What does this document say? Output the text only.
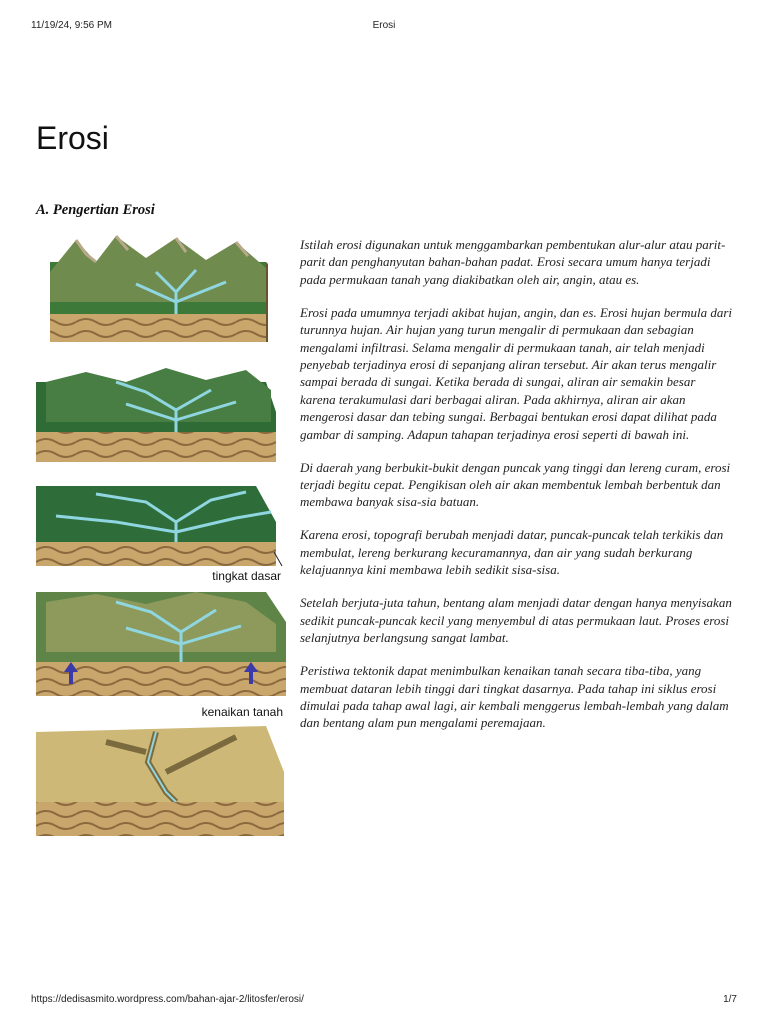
11/19/24, 9:56 PM	Erosi
Erosi
A. Pengertian Erosi
tingkat dasar
kenaikan tanah

Istilah erosi digunakan untuk menggambarkan pembentukan alur-alur atau parit-parit dan penghanyutan bahan-bahan padat. Erosi secara umum hanya terjadi pada permukaan tanah yang diakibatkan oleh air, angin, atau es.

Erosi pada umumnya terjadi akibat hujan, angin, dan es. Erosi hujan bermula dari turunnya hujan. Air hujan yang turun mengalir di permukaan dan sebagian mengalami infiltrasi. Selama mengalir di permukaan tanah, air telah menjadi penyebab terjadinya erosi di sepanjang aliran tersebut. Air akan terus mengalir sampai berada di sungai. Ketika berada di sungai, aliran air semakin besar karena terakumulasi dari berbagai aliran. Pada akhirnya, aliran air akan mengerosi dasar dan tebing sungai. Berbagai bentukan erosi dapat dilihat pada gambar di samping. Adapun tahapan terjadinya erosi seperti di bawah ini.

Di daerah yang berbukit-bukit dengan puncak yang tinggi dan lereng curam, erosi terjadi begitu cepat. Pengikisan oleh air akan membentuk lembah berbentuk dan membawa banyak sisa-sia batuan.

Karena erosi, topografi berubah menjadi datar, puncak-puncak telah terkikis dan membulat, lereng berkurang kecuramannya, dan air yang sudah berkurang kelajuannya kini membawa lebih sedikit sisa-sisa.

Setelah berjuta-juta tahun, bentang alam menjadi datar dengan hanya menyisakan sedikit puncak-puncak kecil yang menyembul di atas permukaan laut. Proses erosi selanjutnya berlangsung sangat lambat.

Peristiwa tektonik dapat menimbulkan kenaikan tanah secara tiba-tiba, yang membuat dataran lebih tinggi dari tingkat dasarnya. Pada tahap ini siklus erosi dimulai pada tahap awal lagi, air kembali menggerus lembah-lembah yang dalam dan bentang alam pun mengalami peremajaan.

https://dedisasmito.wordpress.com/bahan-ajar-2/litosfer/erosi/	1/7
